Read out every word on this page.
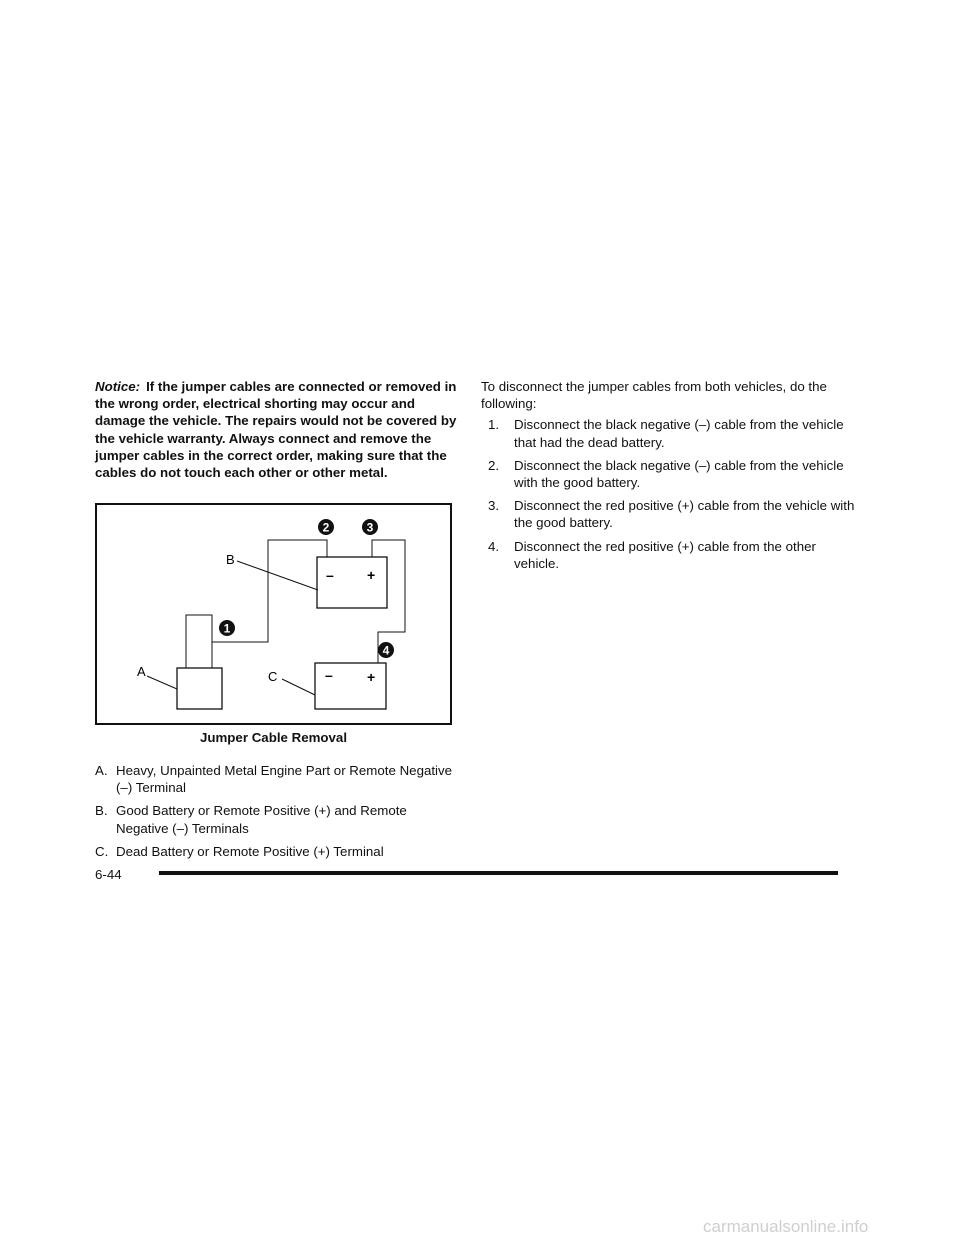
Notice: If the jumper cables are connected or removed in the wrong order, electrical shorting may occur and damage the vehicle. The repairs would not be covered by the vehicle warranty. Always connect and remove the jumper cables in the correct order, making sure that the cables do not touch each other or other metal.

– +
– +
A
B
C
1
2	3
4
Jumper Cable Removal
A. Heavy, Unpainted Metal Engine Part or Remote Negative (–) Terminal
B. Good Battery or Remote Positive (+) and Remote Negative (–) Terminals
C. Dead Battery or Remote Positive (+) Terminal

To disconnect the jumper cables from both vehicles, do the following:

1. Disconnect the black negative (–) cable from the vehicle that had the dead battery.
2. Disconnect the black negative (–) cable from the vehicle with the good battery.
3. Disconnect the red positive (+) cable from the vehicle with the good battery.
4. Disconnect the red positive (+) cable from the other vehicle.
6-44
carmanualsonline.info
